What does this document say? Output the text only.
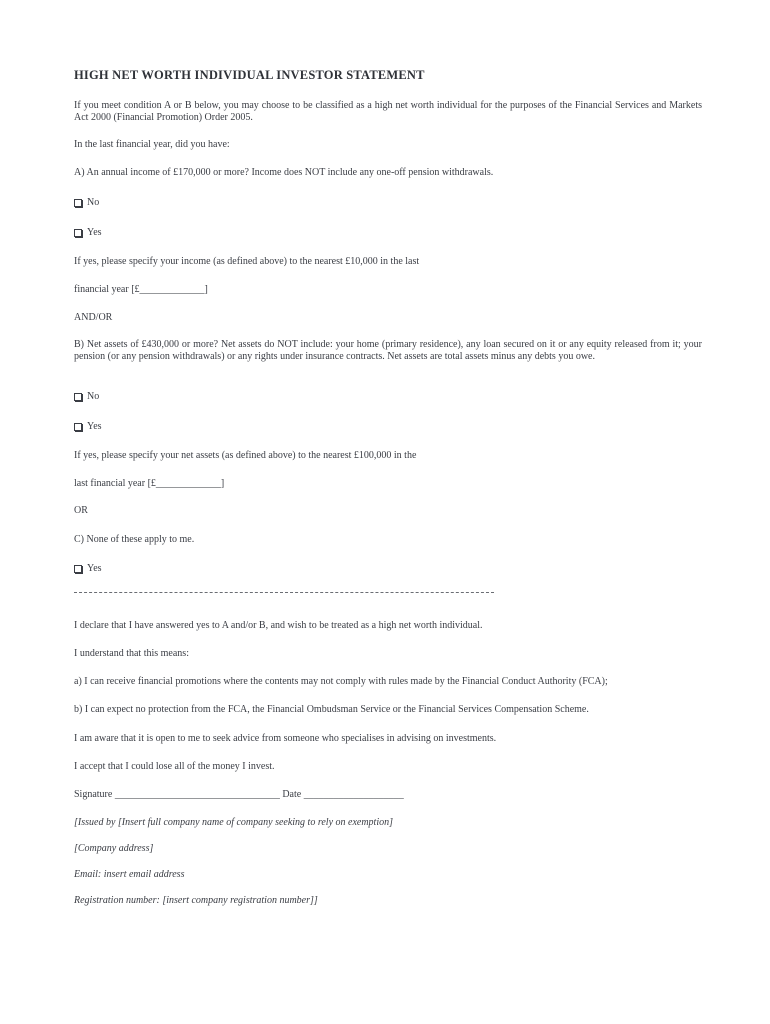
HIGH NET WORTH INDIVIDUAL INVESTOR STATEMENT
If you meet condition A or B below, you may choose to be classified as a high net worth individual for the purposes of the Financial Services and Markets Act 2000 (Financial Promotion) Order 2005.
In the last financial year, did you have:
A) An annual income of £170,000 or more? Income does NOT include any one-off pension withdrawals.
No
Yes
If yes, please specify your income (as defined above) to the nearest £10,000 in the last
financial year [£_____________]
AND/OR
B) Net assets of £430,000 or more? Net assets do NOT include: your home (primary residence), any loan secured on it or any equity released from it; your pension (or any pension withdrawals) or any rights under insurance contracts. Net assets are total assets minus any debts you owe.
No
Yes
If yes, please specify your net assets (as defined above) to the nearest £100,000 in the
last financial year [£_____________]
OR
C) None of these apply to me.
Yes
I declare that I have answered yes to A and/or B, and wish to be treated as a high net worth individual.
I understand that this means:
a) I can receive financial promotions where the contents may not comply with rules made by the Financial Conduct Authority (FCA);
b) I can expect no protection from the FCA, the Financial Ombudsman Service or the Financial Services Compensation Scheme.
I am aware that it is open to me to seek advice from someone who specialises in advising on investments.
I accept that I could lose all of the money I invest.
Signature _________________________________ Date ____________________
[Issued by [Insert full company name of company seeking to rely on exemption]
[Company address]
Email: insert email address
Registration number: [insert company registration number]]
